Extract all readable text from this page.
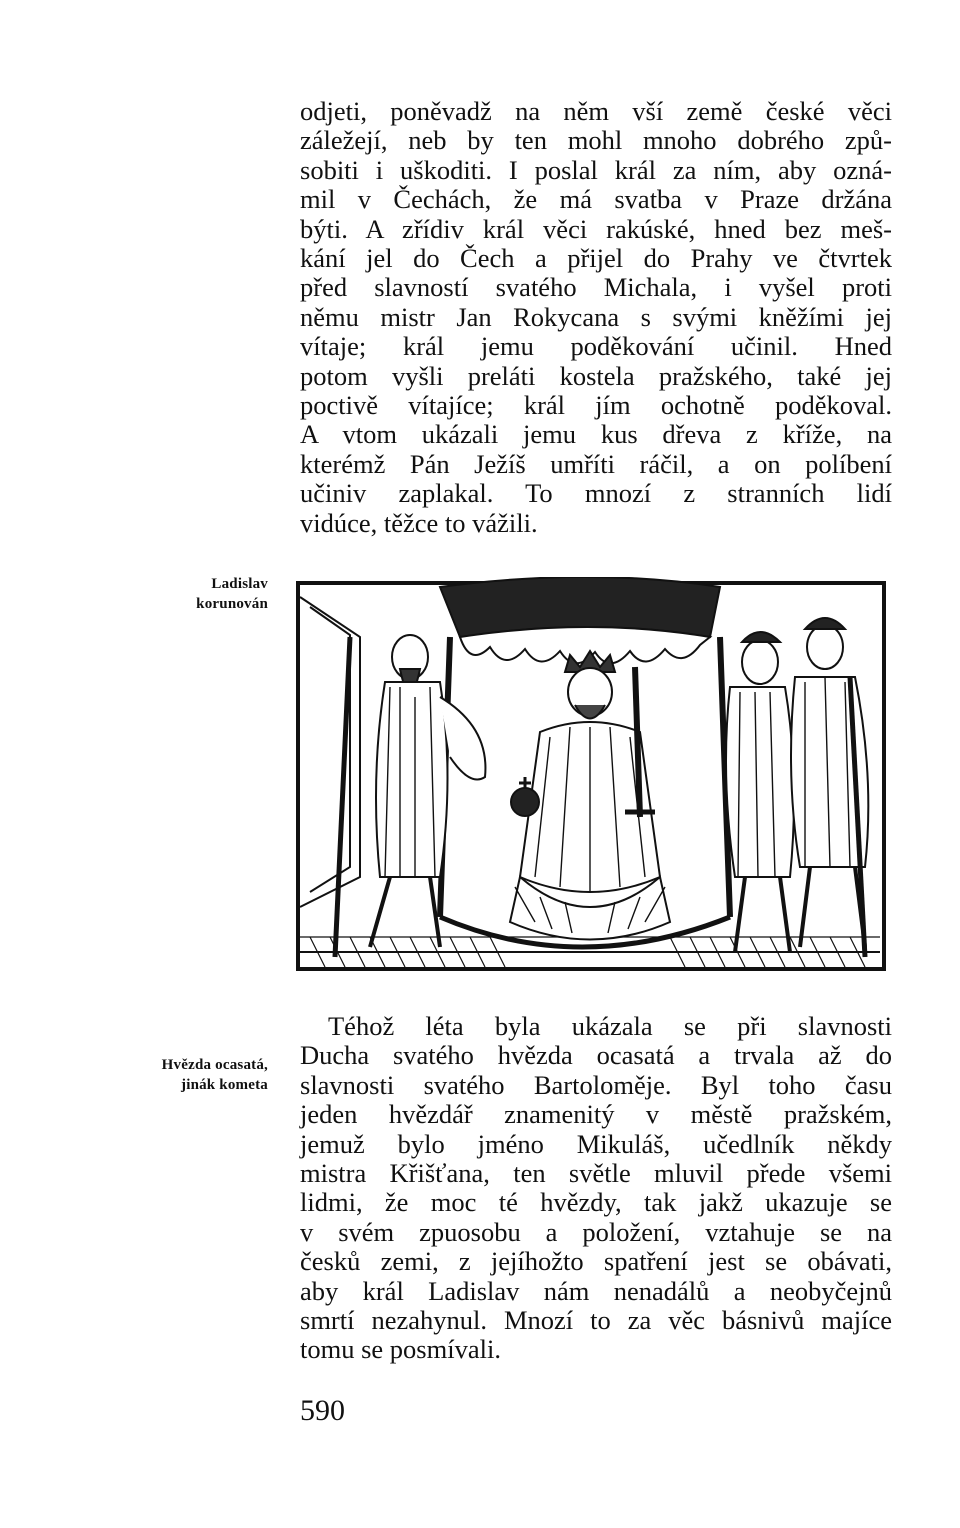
odjeti, poněvadž na něm vší země české věci
záležejí, neb by ten mohl mnoho dobrého způ-
sobiti i uškoditi. I poslal král za ním, aby ozná-
mil v Čechách, že má svatba v Praze držána
býti. A zřídiv král věci rakúské, hned bez meš-
kání jel do Čech a přijel do Prahy ve čtvrtek
před slavností svatého Michala, i vyšel proti
němu mistr Jan Rokycana s svými kněžími jej
vítaje; král jemu poděkování učinil. Hned
potom vyšli preláti kostela pražského, také jej
poctivě vítajíce; král jím ochotně poděkoval.
A vtom ukázali jemu kus dřeva z kříže, na
kterémž Pán Ježíš umříti ráčil, a on políbení
učiniv zaplakal. To mnozí z stranních lidí
vidúce, těžce to vážili.
Ladislav
korunován
Téhož léta byla ukázala se při slavnosti
Ducha svatého hvězda ocasatá a trvala až do
slavnosti svatého Bartoloměje. Byl toho času
jeden hvězdář znamenitý v městě pražském,
jemuž bylo jméno Mikuláš, učedlník někdy
mistra Křišťana, ten světle mluvil přede všemi
lidmi, že moc té hvězdy, tak jakž ukazuje se
v svém zpuosobu a položení, vztahuje se na
česků zemi, z jejíhožto spatření jest se obávati,
aby král Ladislav nám nenadálů a neobyčejnů
smrtí nezahynul. Mnozí to za věc básnivů majíce
tomu se posmívali.
Hvězda ocasatá,
jinák kometa
590
